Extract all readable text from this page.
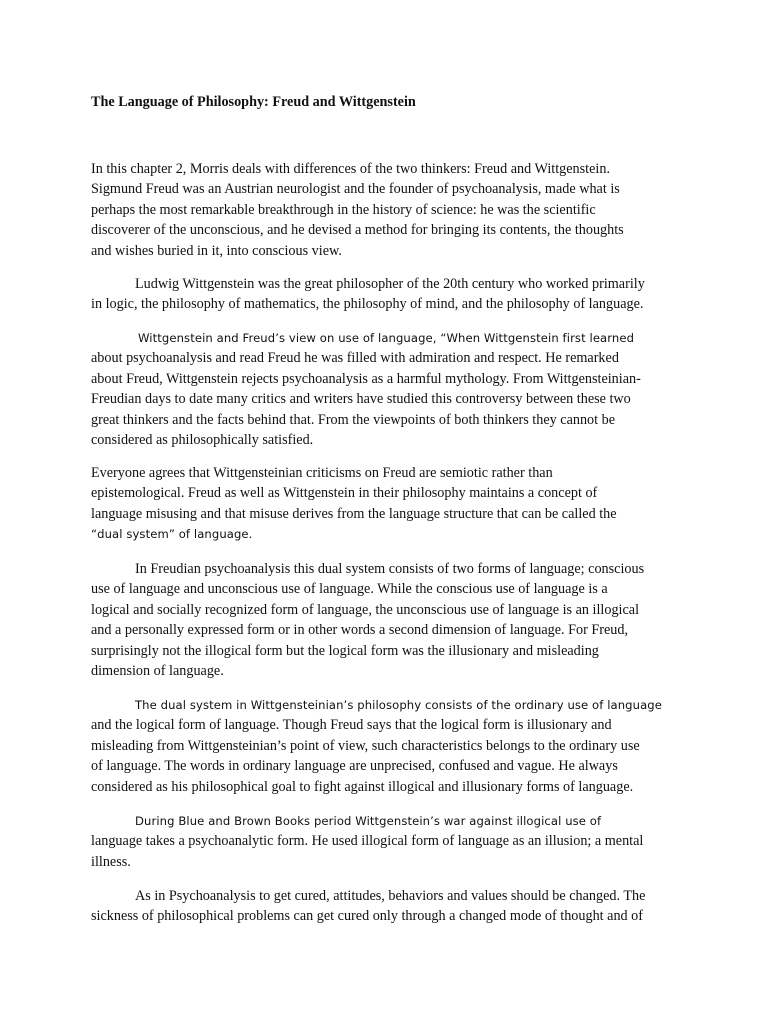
The Language of Philosophy: Freud and Wittgenstein
In this chapter 2, Morris deals with differences of the two thinkers: Freud and Wittgenstein.
Sigmund Freud was an Austrian neurologist and the founder of psychoanalysis, made what is
perhaps the most remarkable breakthrough in the history of science: he was the scientific
discoverer of the unconscious, and he devised a method for bringing its contents, the thoughts
and wishes buried in it, into conscious view.
Ludwig Wittgenstein was the great philosopher of the 20th century who worked primarily
in logic, the philosophy of mathematics, the philosophy of mind, and the philosophy of language.
Wittgenstein and Freud’s view on use of language, “When Wittgenstein first learned
about psychoanalysis and read Freud he was filled with admiration and respect. He remarked
about Freud, Wittgenstein rejects psychoanalysis as a harmful mythology. From Wittgensteinian-
Freudian days to date many critics and writers have studied this controversy between these two
great thinkers and the facts behind that. From the viewpoints of both thinkers they cannot be
considered as philosophically satisfied.
Everyone agrees that Wittgensteinian criticisms on Freud are semiotic rather than
epistemological. Freud as well as Wittgenstein in their philosophy maintains a concept of
language misusing and that misuse derives from the language structure that can be called the
“dual system” of language.
In Freudian psychoanalysis this dual system consists of two forms of language; conscious
use of language and unconscious use of language. While the conscious use of language is a
logical and socially recognized form of language, the unconscious use of language is an illogical
and a personally expressed form or in other words a second dimension of language. For Freud,
surprisingly not the illogical form but the logical form was the illusionary and misleading
dimension of language.
The dual system in Wittgensteinian’s philosophy consists of the ordinary use of language
and the logical form of language. Though Freud says that the logical form is illusionary and
misleading from Wittgensteinian’s point of view, such characteristics belongs to the ordinary use
of language. The words in ordinary language are unprecised, confused and vague. He always
considered as his philosophical goal to fight against illogical and illusionary forms of language.
During Blue and Brown Books period Wittgenstein’s war against illogical use of
language takes a psychoanalytic form. He used illogical form of language as an illusion; a mental
illness.
As in Psychoanalysis to get cured, attitudes, behaviors and values should be changed. The
sickness of philosophical problems can get cured only through a changed mode of thought and of
